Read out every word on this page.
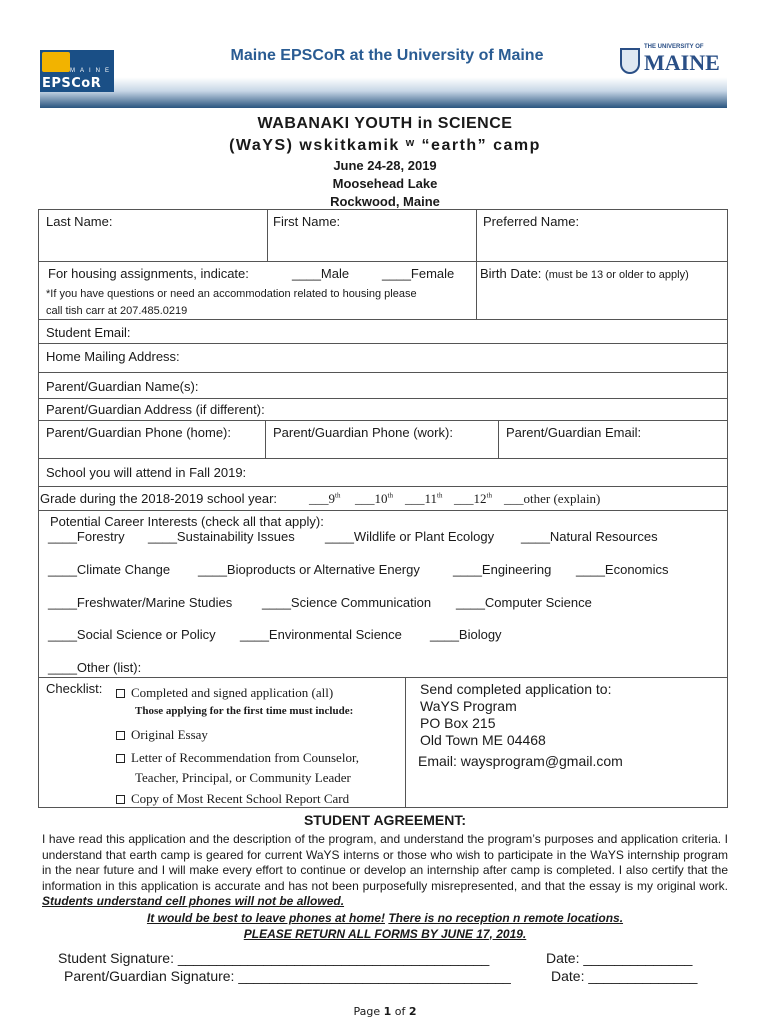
MAINE
EPSCoR
Maine EPSCoR at the University of Maine	THE UNIVERSITY OF
MAINE
WABANAKI YOUTH in SCIENCE
(WaYS) wskitkamik ʷ “earth” camp
June 24-28, 2019
Moosehead Lake
Rockwood, Maine
Last Name:	First Name:	Preferred Name:
For housing assignments, indicate:	____Male	____Female Birth Date: (must be 13 or older to apply)
*If you have questions or need an accommodation related to housing please
call tish carr at 207.485.0219
Student Email:
Home Mailing Address:
Parent/Guardian Name(s):
Parent/Guardian Address (if different):
Parent/Guardian Phone (home):	Parent/Guardian Phone (work):	Parent/Guardian Email:
School you will attend in Fall 2019:
Grade during the 2018-2019 school year: ___9th ___10th ___11th ___12th ___other (explain)
Potential Career Interests (check all that apply):
____Forestry ____Sustainability Issues ____Wildlife or Plant Ecology ____Natural Resources
____Climate Change ____Bioproducts or Alternative Energy	____Engineering ____Economics
____Freshwater/Marine Studies ____Science Communication ____Computer Science
____Social Science or Policy ____Environmental Science ____Biology
____Other (list):
Checklist:	Completed and signed application (all)
Those applying for the first time must include:
Original Essay
Letter of Recommendation from Counselor,
Teacher, Principal, or Community Leader
Copy of Most Recent School Report Card
Send completed application to:
WaYS Program
PO Box 215
Old Town ME 04468
Email: waysprogram@gmail.com
STUDENT AGREEMENT:
I have read this application and the description of the program, and understand the program’s purposes and application criteria. I understand that earth camp is geared for current WaYS interns or those who wish to participate in the WaYS internship program in the near future and I will make every effort to continue or develop an internship after camp is completed. I also certify that the information in this application is accurate and has not been purposefully misrepresented, and that the essay is my original work. Students understand cell phones will not be allowed.
It would be best to leave phones at home! There is no reception n remote locations.
PLEASE RETURN ALL FORMS BY JUNE 17, 2019.
Student Signature: ________________________________________	Date: ______________
Parent/Guardian Signature: ___________________________________	Date: ______________
Page 1 of 2
